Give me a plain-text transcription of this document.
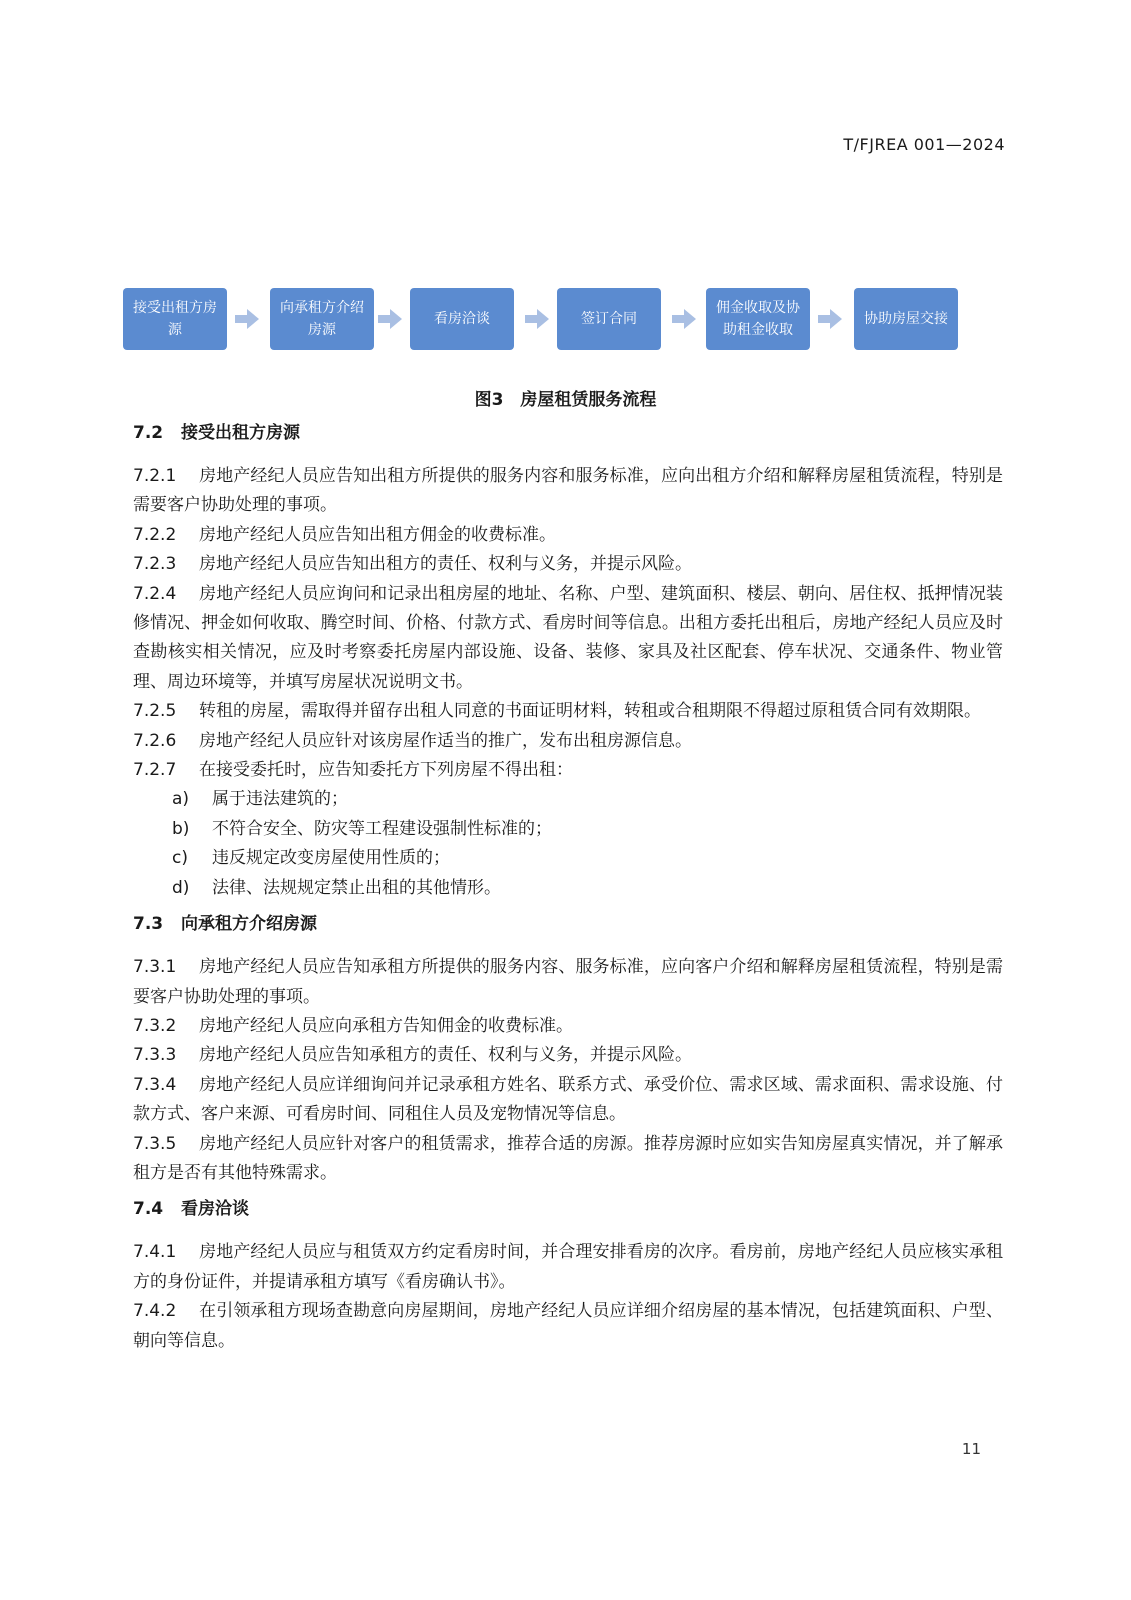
T/FJREA 001—2024
接受出租方房源
向承租方介绍房源
看房洽谈	签订合同
佣金收取及协助租金收取
协助房屋交接
图3　房屋租赁服务流程
7.2 接受出租方房源
7.2.1 房地产经纪人员应告知出租方所提供的服务内容和服务标准，应向出租方介绍和解释房屋租赁流程，特别是需要客户协助处理的事项。
7.2.2 房地产经纪人员应告知出租方佣金的收费标准。
7.2.3 房地产经纪人员应告知出租方的责任、权利与义务，并提示风险。
7.2.4 房地产经纪人员应询问和记录出租房屋的地址、名称、户型、建筑面积、楼层、朝向、居住权、抵押情况装修情况、押金如何收取、腾空时间、价格、付款方式、看房时间等信息。出租方委托出租后，房地产经纪人员应及时查勘核实相关情况，应及时考察委托房屋内部设施、设备、装修、家具及社区配套、停车状况、交通条件、物业管理、周边环境等，并填写房屋状况说明文书。
7.2.5 转租的房屋，需取得并留存出租人同意的书面证明材料，转租或合租期限不得超过原租赁合同有效期限。
7.2.6 房地产经纪人员应针对该房屋作适当的推广，发布出租房源信息。
7.2.7 在接受委托时，应告知委托方下列房屋不得出租：
a) 属于违法建筑的；
b) 不符合安全、防灾等工程建设强制性标准的；
c) 违反规定改变房屋使用性质的；
d) 法律、法规规定禁止出租的其他情形。
7.3 向承租方介绍房源
7.3.1 房地产经纪人员应告知承租方所提供的服务内容、服务标准，应向客户介绍和解释房屋租赁流程，特别是需要客户协助处理的事项。
7.3.2 房地产经纪人员应向承租方告知佣金的收费标准。
7.3.3 房地产经纪人员应告知承租方的责任、权利与义务，并提示风险。
7.3.4 房地产经纪人员应详细询问并记录承租方姓名、联系方式、承受价位、需求区域、需求面积、需求设施、付款方式、客户来源、可看房时间、同租住人员及宠物情况等信息。
7.3.5 房地产经纪人员应针对客户的租赁需求，推荐合适的房源。推荐房源时应如实告知房屋真实情况，并了解承租方是否有其他特殊需求。
7.4 看房洽谈
7.4.1 房地产经纪人员应与租赁双方约定看房时间，并合理安排看房的次序。看房前，房地产经纪人员应核实承租方的身份证件，并提请承租方填写《看房确认书》。
7.4.2 在引领承租方现场查勘意向房屋期间，房地产经纪人员应详细介绍房屋的基本情况，包括建筑面积、户型、朝向等信息。
11
